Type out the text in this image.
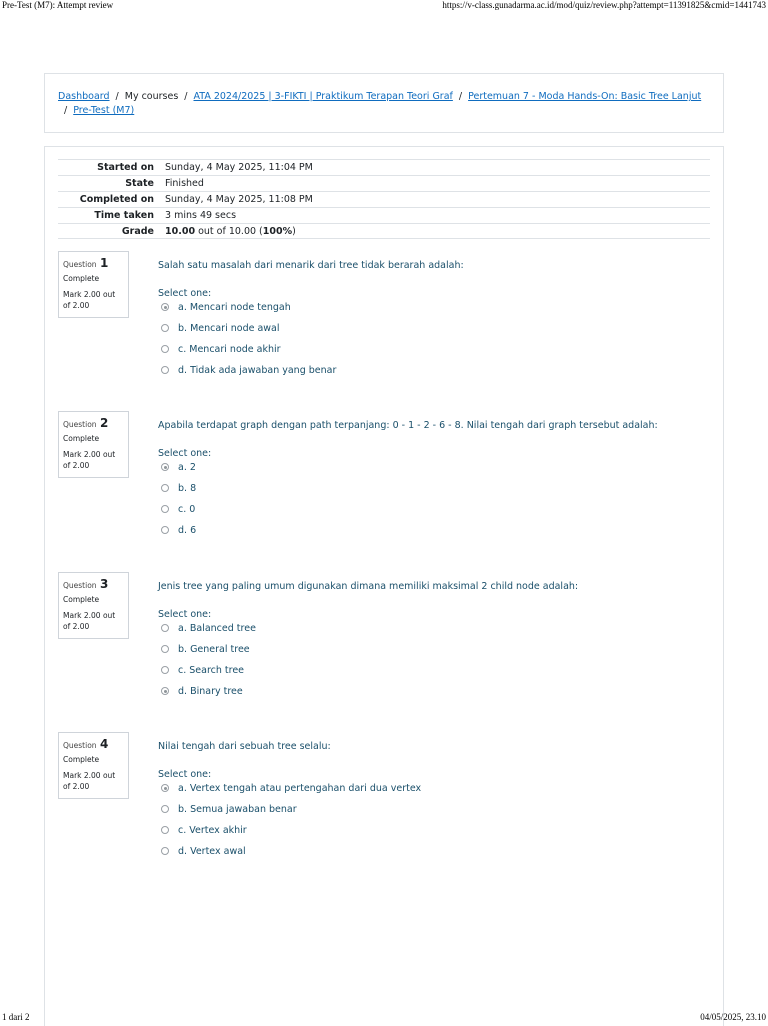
Pre-Test (M7): Attempt review	https://v-class.gunadarma.ac.id/mod/quiz/review.php?attempt=11391825&cmid=1441743
Dashboard / My courses / ATA 2024/2025 | 3-FIKTI | Praktikum Terapan Teori Graf / Pertemuan 7 - Moda Hands-On: Basic Tree Lanjut
/ Pre-Test (M7)
Started on Sunday, 4 May 2025, 11:04 PM
State Finished
Completed on Sunday, 4 May 2025, 11:08 PM
Time taken 3 mins 49 secs
Grade 10.00 out of 10.00 (100%)
Question 1
Complete
Mark 2.00 out of 2.00
Salah satu masalah dari menarik dari tree tidak berarah adalah:
Select one:
a. Mencari node tengah
b. Mencari node awal
c. Mencari node akhir
d. Tidak ada jawaban yang benar
Question 2
Complete
Mark 2.00 out of 2.00
Apabila terdapat graph dengan path terpanjang: 0 - 1 - 2 - 6 - 8. Nilai tengah dari graph tersebut adalah:
Select one:
a. 2
b. 8
c. 0
d. 6
Question 3
Complete
Mark 2.00 out of 2.00
Jenis tree yang paling umum digunakan dimana memiliki maksimal 2 child node adalah:
Select one:
a. Balanced tree
b. General tree
c. Search tree
d. Binary tree
Question 4
Complete
Mark 2.00 out of 2.00
Nilai tengah dari sebuah tree selalu:
Select one:
a. Vertex tengah atau pertengahan dari dua vertex
b. Semua jawaban benar
c. Vertex akhir
d. Vertex awal
1 dari 2	04/05/2025, 23.10
